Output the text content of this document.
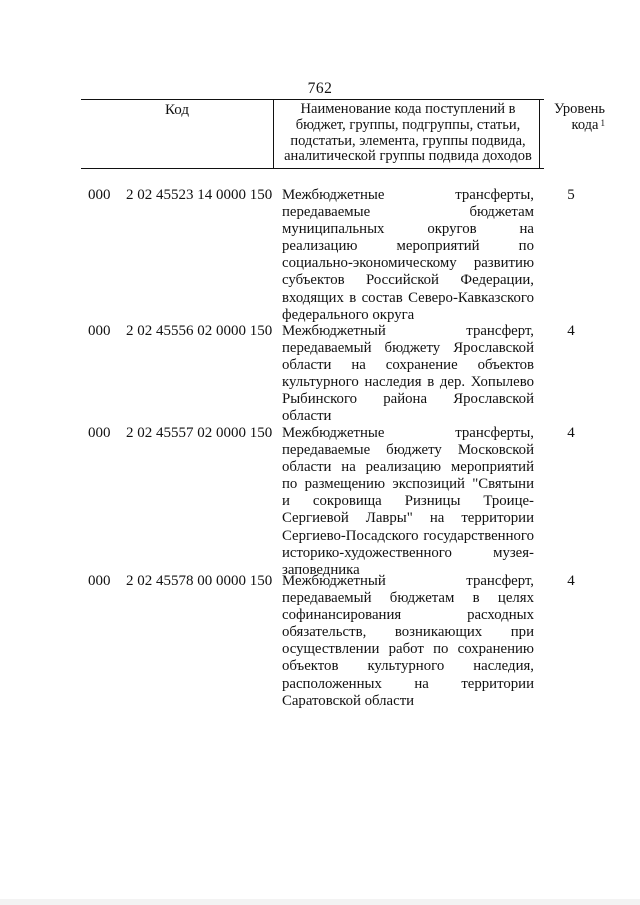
762
Код	Наименование кода поступлений в бюджет, группы, подгруппы, статьи, подстатьи, элемента, группы подвида, аналитической группы подвида доходов
Уровень кода $^1$
000 2 02 45523 14 0000 150 Межбюджетные трансферты, передаваемые бюджетам муниципальных округов на реализацию мероприятий по социально-экономическому развитию субъектов Российской Федерации, входящих в состав Северо-Кавказского федерального округа
5
000 2 02 45556 02 0000 150 Межбюджетный трансферт, передаваемый бюджету Ярославской области на сохранение объектов культурного наследия в дер. Хопылево Рыбинского района Ярославской области
4
000 2 02 45557 02 0000 150 Межбюджетные трансферты, передаваемые бюджету Московской области на реализацию мероприятий по размещению экспозиций "Святыни и сокровища Ризницы Троице-Сергиевой Лавры" на территории Сергиево-Посадского государственного историко-художественного музея-заповедника
4
000 2 02 45578 00 0000 150 Межбюджетный трансферт, передаваемый бюджетам в целях софинансирования расходных обязательств, возникающих при осуществлении работ по сохранению объектов культурного наследия, расположенных на территории Саратовской области
4
